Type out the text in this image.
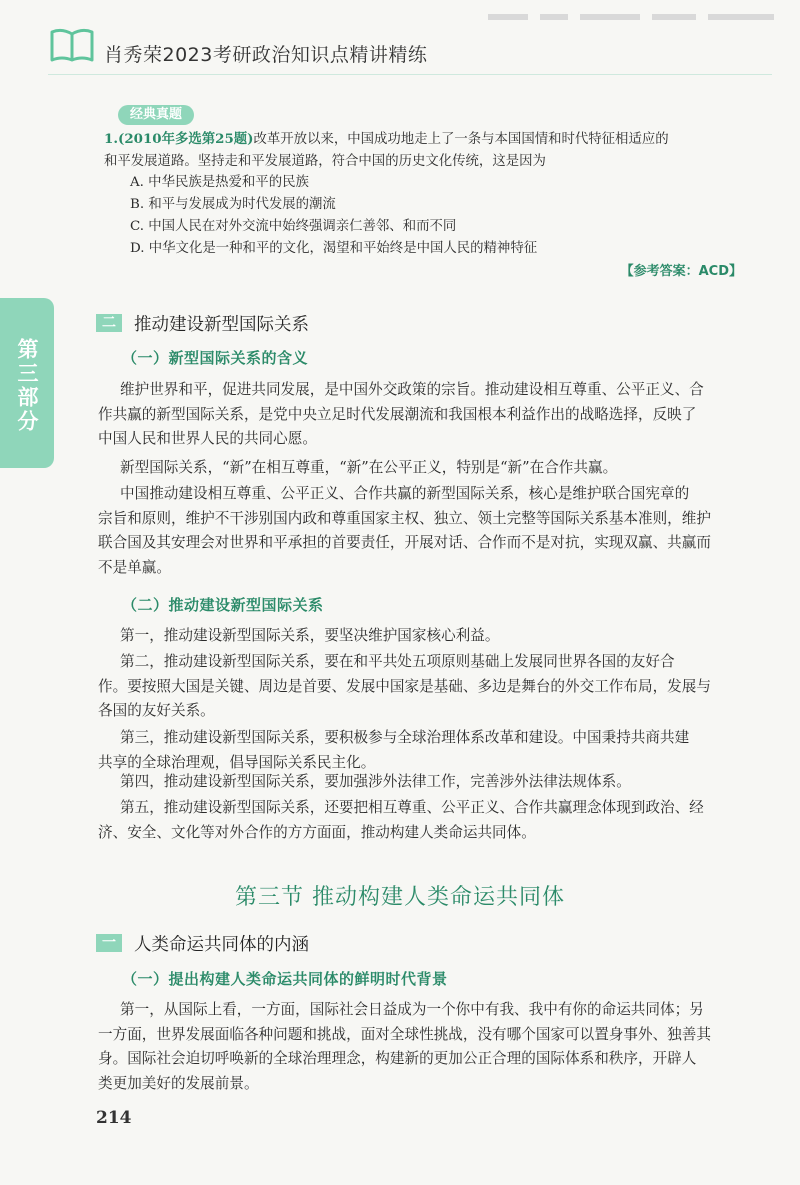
肖秀荣2023考研政治知识点精讲精练
第三部分
经典真题
1.(2010年多选第25题)改革开放以来，中国成功地走上了一条与本国国情和时代特征相适应的
和平发展道路。坚持走和平发展道路，符合中国的历史文化传统，这是因为
A. 中华民族是热爱和平的民族
B. 和平与发展成为时代发展的潮流
C. 中国人民在对外交流中始终强调亲仁善邻、和而不同
D. 中华文化是一种和平的文化，渴望和平始终是中国人民的精神特征
【参考答案：ACD】
二	推动建设新型国际关系
（一）新型国际关系的含义
维护世界和平，促进共同发展，是中国外交政策的宗旨。推动建设相互尊重、公平正义、合
作共赢的新型国际关系，是党中央立足时代发展潮流和我国根本利益作出的战略选择，反映了
中国人民和世界人民的共同心愿。
新型国际关系，“新”在相互尊重，“新”在公平正义，特别是“新”在合作共赢。
中国推动建设相互尊重、公平正义、合作共赢的新型国际关系，核心是维护联合国宪章的
宗旨和原则，维护不干涉别国内政和尊重国家主权、独立、领土完整等国际关系基本准则，维护
联合国及其安理会对世界和平承担的首要责任，开展对话、合作而不是对抗，实现双赢、共赢而
不是单赢。
（二）推动建设新型国际关系
第一，推动建设新型国际关系，要坚决维护国家核心利益。
第二，推动建设新型国际关系，要在和平共处五项原则基础上发展同世界各国的友好合
作。要按照大国是关键、周边是首要、发展中国家是基础、多边是舞台的外交工作布局，发展与
各国的友好关系。
第三，推动建设新型国际关系，要积极参与全球治理体系改革和建设。中国秉持共商共建
共享的全球治理观，倡导国际关系民主化。
第四，推动建设新型国际关系，要加强涉外法律工作，完善涉外法律法规体系。
第五，推动建设新型国际关系，还要把相互尊重、公平正义、合作共赢理念体现到政治、经
济、安全、文化等对外合作的方方面面，推动构建人类命运共同体。
第三节 推动构建人类命运共同体
一	人类命运共同体的内涵
（一）提出构建人类命运共同体的鲜明时代背景
第一，从国际上看，一方面，国际社会日益成为一个你中有我、我中有你的命运共同体；另
一方面，世界发展面临各种问题和挑战，面对全球性挑战，没有哪个国家可以置身事外、独善其
身。国际社会迫切呼唤新的全球治理理念，构建新的更加公正合理的国际体系和秩序，开辟人
类更加美好的发展前景。
214
